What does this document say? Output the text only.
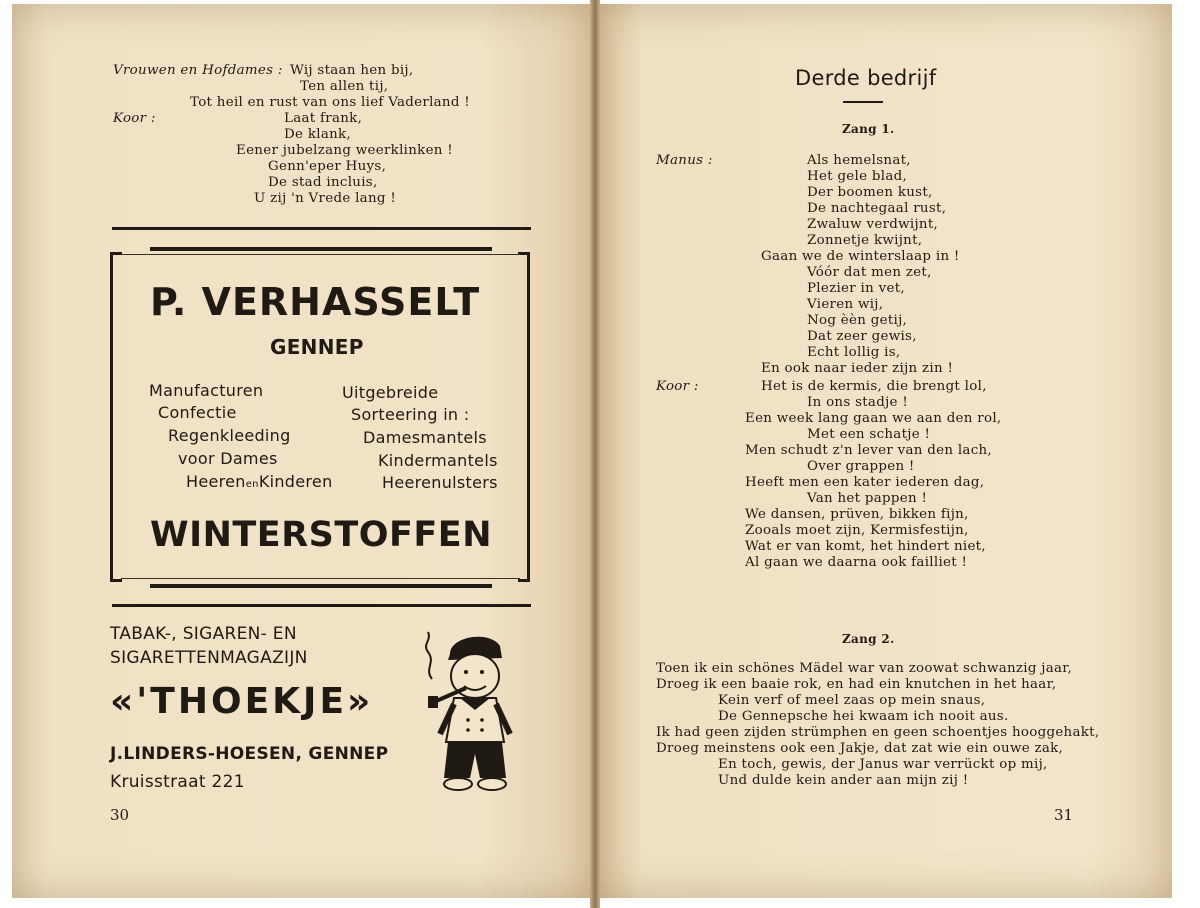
Vrouwen en Hofdames : Wij staan hen bij,
Ten allen tij,
Tot heil en rust van ons lief Vaderland !
Koor :	Laat frank,
De klank,
Eener jubelzang weerklinken !
Genn'eper Huys,
De stad incluis,
U zij 'n Vrede lang !
P. VERHASSELT
GENNEP
Manufacturen
Confectie
Regenkleeding
voor Dames
HeerenenKinderen
Uitgebreide
Sorteering in :
Damesmantels
Kindermantels
Heerenulsters
WINTERSTOFFEN
TABAK-, SIGAREN- EN
SIGARETTENMAGAZIJN
«'THOEKJE»
J.LINDERS-HOESEN, GENNEP
Kruisstraat 221
30
Derde bedrijf
Zang 1.
Manus :	Als hemelsnat,
Het gele blad,
Der boomen kust,
De nachtegaal rust,
Zwaluw verdwijnt,
Zonnetje kwijnt,
Gaan we de winterslaap in !
Vóór dat men zet,
Plezier in vet,
Vieren wij,
Nog èèn getij,
Dat zeer gewis,
Echt lollig is,
En ook naar ieder zijn zin !
Koor :	Het is de kermis, die brengt lol,
In ons stadje !
Een week lang gaan we aan den rol,
Met een schatje !
Men schudt z'n lever van den lach,
Over grappen !
Heeft men een kater iederen dag,
Van het pappen !
We dansen, prüven, bikken fijn,
Zooals moet zijn, Kermisfestijn,
Wat er van komt, het hindert niet,
Al gaan we daarna ook failliet !
Zang 2.
Toen ik ein schönes Mädel war van zoowat schwanzig jaar,
Droeg ik een baaie rok, en had ein knutchen in het haar,
Kein verf of meel zaas op mein snaus,
De Gennepsche hei kwaam ich nooit aus.
Ik had geen zijden strümphen en geen schoentjes hooggehakt,
Droeg meinstens ook een Jakje, dat zat wie ein ouwe zak,
En toch, gewis, der Janus war verrückt op mij,
Und dulde kein ander aan mijn zij !
31
